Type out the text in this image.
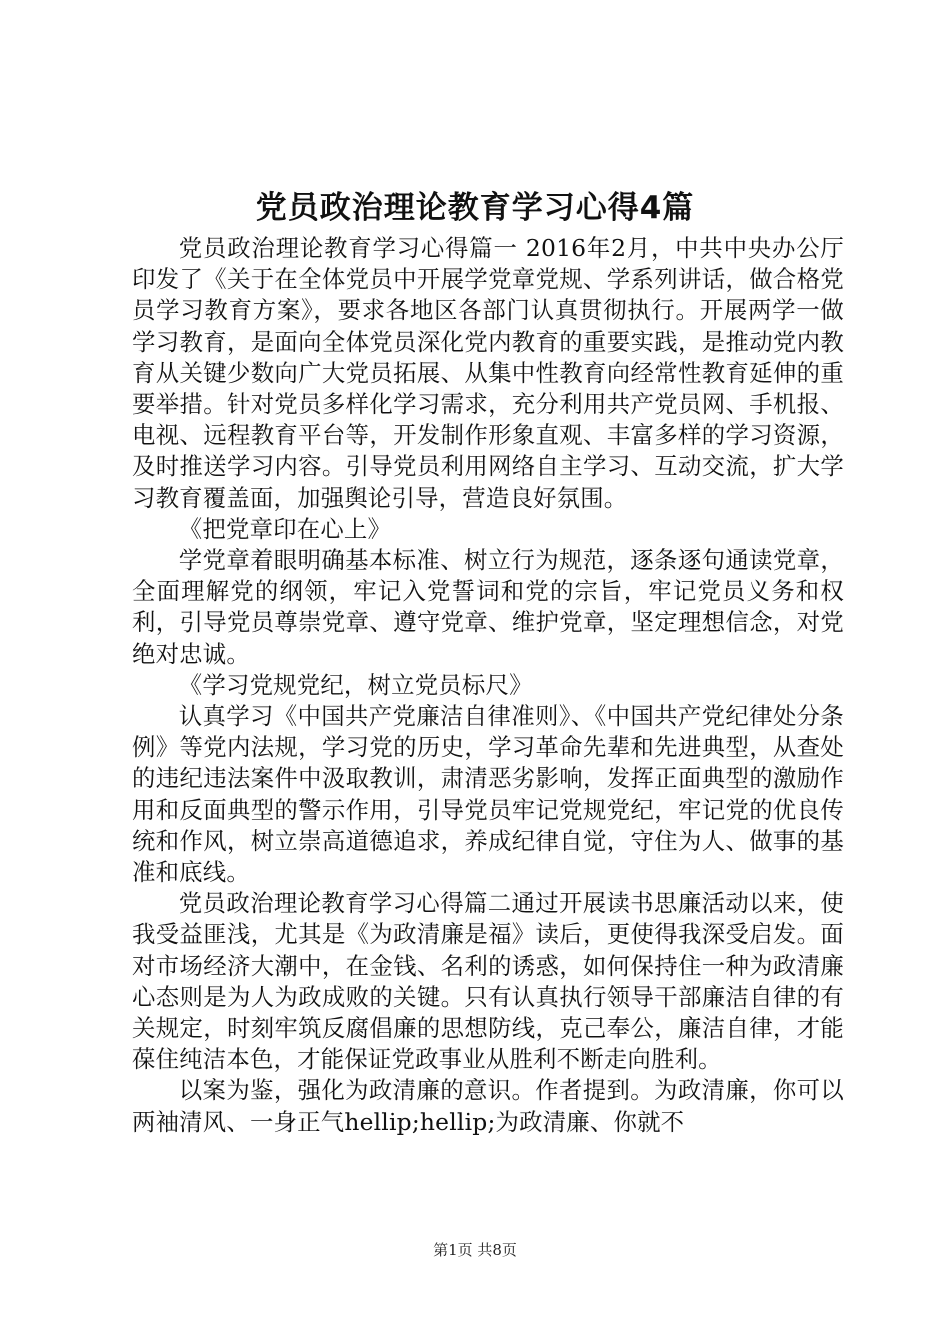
党员政治理论教育学习心得4篇

党员政治理论教育学习心得篇一 2016年2月，中共中央办公厅印发了《关于在全体党员中开展学党章党规、学系列讲话，做合格党员学习教育方案》，要求各地区各部门认真贯彻执行。开展两学一做学习教育，是面向全体党员深化党内教育的重要实践，是推动党内教育从关键少数向广大党员拓展、从集中性教育向经常性教育延伸的重要举措。针对党员多样化学习需求，充分利用共产党员网、手机报、电视、远程教育平台等，开发制作形象直观、丰富多样的学习资源，及时推送学习内容。引导党员利用网络自主学习、互动交流，扩大学习教育覆盖面，加强舆论引导，营造良好氛围。

《把党章印在心上》

学党章着眼明确基本标准、树立行为规范，逐条逐句通读党章，全面理解党的纲领，牢记入党誓词和党的宗旨，牢记党员义务和权利，引导党员尊崇党章、遵守党章、维护党章，坚定理想信念，对党绝对忠诚。

《学习党规党纪，树立党员标尺》

认真学习《中国共产党廉洁自律准则》、《中国共产党纪律处分条例》等党内法规，学习党的历史，学习革命先辈和先进典型，从查处的违纪违法案件中汲取教训，肃清恶劣影响，发挥正面典型的激励作用和反面典型的警示作用，引导党员牢记党规党纪，牢记党的优良传统和作风，树立崇高道德追求，养成纪律自觉，守住为人、做事的基准和底线。

党员政治理论教育学习心得篇二通过开展读书思廉活动以来，使我受益匪浅，尤其是《为政清廉是福》读后，更使得我深受启发。面对市场经济大潮中，在金钱、名利的诱惑，如何保持住一种为政清廉心态则是为人为政成败的关键。只有认真执行领导干部廉洁自律的有关规定，时刻牢筑反腐倡廉的思想防线，克己奉公，廉洁自律，才能葆住纯洁本色，才能保证党政事业从胜利不断走向胜利。

以案为鉴，强化为政清廉的意识。作者提到。为政清廉，你可以两袖清风、一身正气hellip;hellip;为政清廉、你就不

第1页 共8页
